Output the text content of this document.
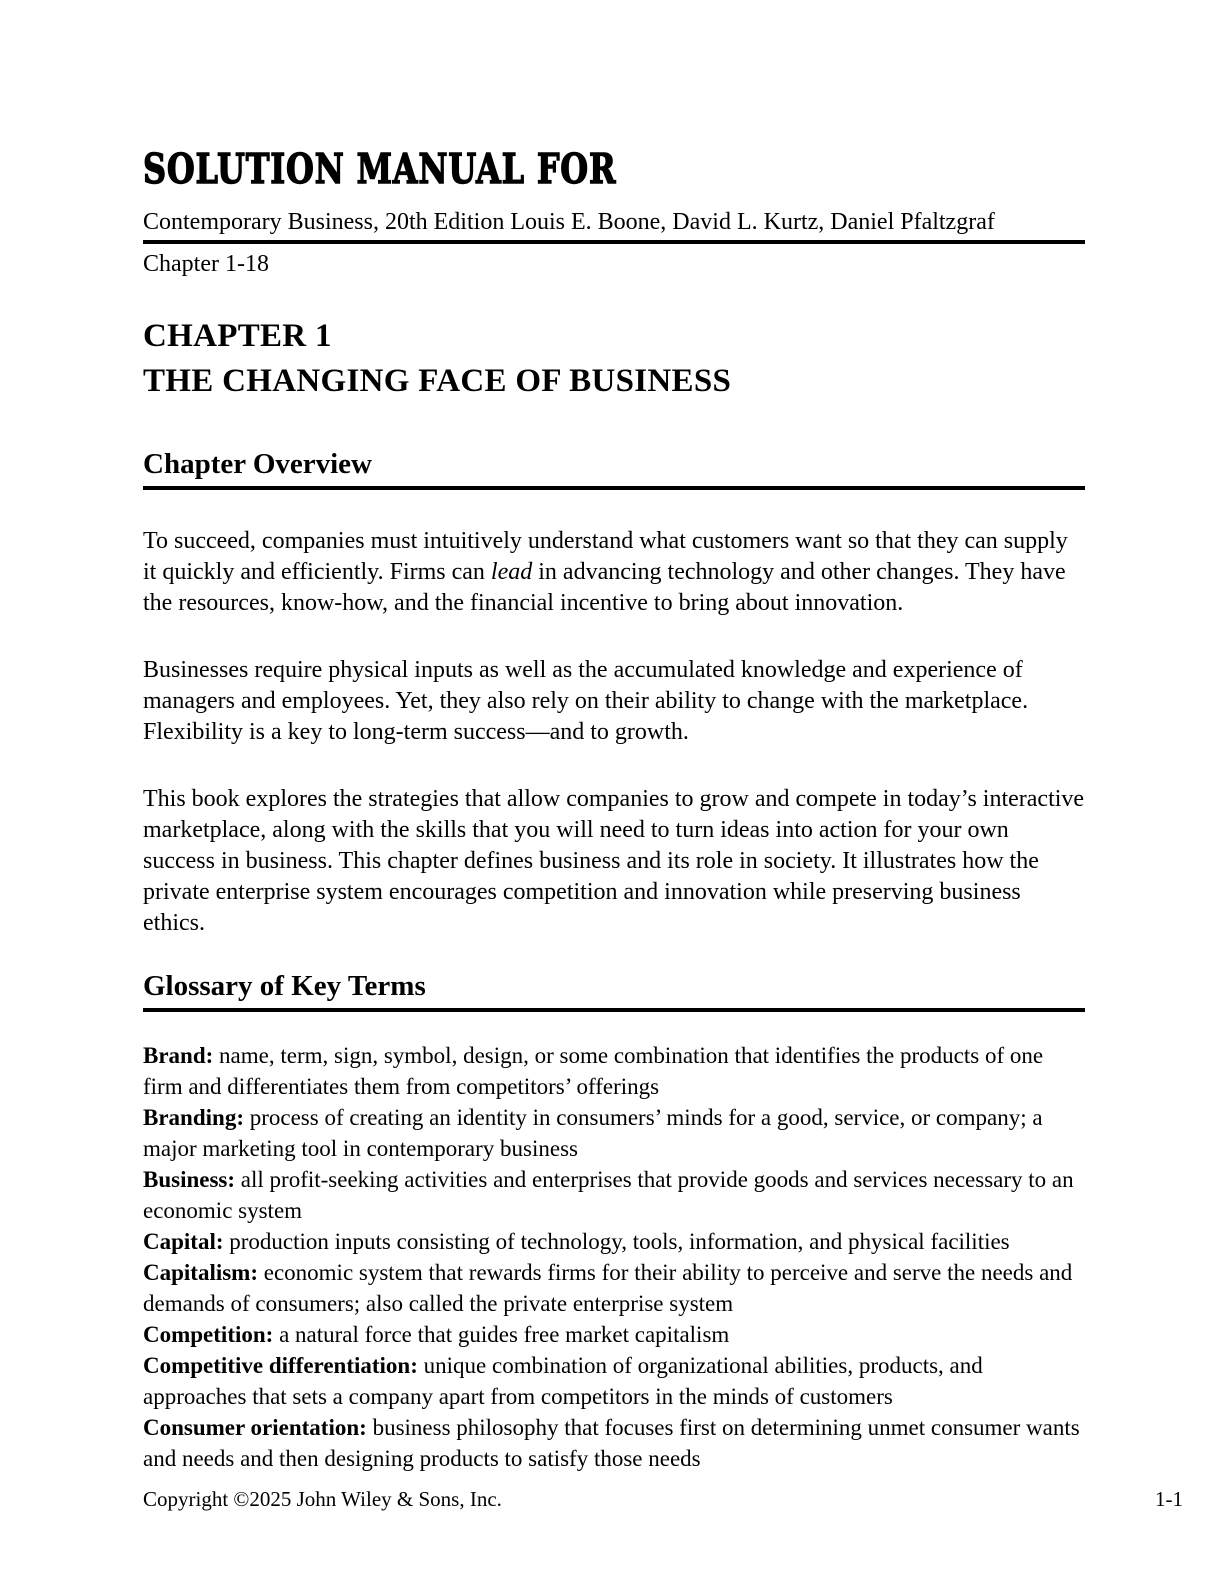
SOLUTION MANUAL FOR
Contemporary Business, 20th Edition Louis E. Boone, David L. Kurtz, Daniel Pfaltzgraf
Chapter 1-18
CHAPTER 1
THE CHANGING FACE OF BUSINESS
Chapter Overview

To succeed, companies must intuitively understand what customers want so that they can supply it quickly and efficiently. Firms can lead in advancing technology and other changes. They have the resources, know-how, and the financial incentive to bring about innovation.

Businesses require physical inputs as well as the accumulated knowledge and experience of managers and employees. Yet, they also rely on their ability to change with the marketplace. Flexibility is a key to long-term success—and to growth.

This book explores the strategies that allow companies to grow and compete in today’s interactive marketplace, along with the skills that you will need to turn ideas into action for your own success in business. This chapter defines business and its role in society. It illustrates how the private enterprise system encourages competition and innovation while preserving business ethics.

Glossary of Key Terms

Brand: name, term, sign, symbol, design, or some combination that identifies the products of one firm and differentiates them from competitors’ offerings

Branding: process of creating an identity in consumers’ minds for a good, service, or company; a major marketing tool in contemporary business

Business: all profit-seeking activities and enterprises that provide goods and services necessary to an economic system

Capital: production inputs consisting of technology, tools, information, and physical facilities

Capitalism: economic system that rewards firms for their ability to perceive and serve the needs and demands of consumers; also called the private enterprise system

Competition: a natural force that guides free market capitalism

Competitive differentiation: unique combination of organizational abilities, products, and approaches that sets a company apart from competitors in the minds of customers

Consumer orientation: business philosophy that focuses first on determining unmet consumer wants and needs and then designing products to satisfy those needs

Copyright ©2025 John Wiley & Sons, Inc.	1-1
